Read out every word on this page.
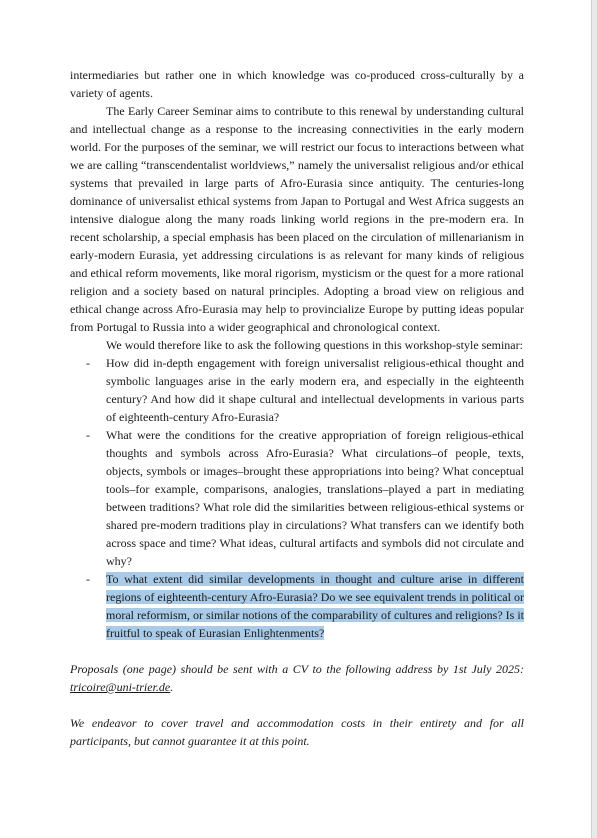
intermediaries but rather one in which knowledge was co-produced cross-culturally by a variety of agents.

The Early Career Seminar aims to contribute to this renewal by understanding cultural and intellectual change as a response to the increasing connectivities in the early modern world. For the purposes of the seminar, we will restrict our focus to interactions between what we are calling “transcendentalist worldviews,” namely the universalist religious and/or ethical systems that prevailed in large parts of Afro-Eurasia since antiquity. The centuries-long dominance of universalist ethical systems from Japan to Portugal and West Africa suggests an intensive dialogue along the many roads linking world regions in the pre-modern era. In recent scholarship, a special emphasis has been placed on the circulation of millenarianism in early-modern Eurasia, yet addressing circulations is as relevant for many kinds of religious and ethical reform movements, like moral rigorism, mysticism or the quest for a more rational religion and a society based on natural principles. Adopting a broad view on religious and ethical change across Afro-Eurasia may help to provincialize Europe by putting ideas popular from Portugal to Russia into a wider geographical and chronological context.

We would therefore like to ask the following questions in this workshop-style seminar:

- How did in-depth engagement with foreign universalist religious-ethical thought and symbolic languages arise in the early modern era, and especially in the eighteenth century? And how did it shape cultural and intellectual developments in various parts of eighteenth-century Afro-Eurasia?
- What were the conditions for the creative appropriation of foreign religious-ethical thoughts and symbols across Afro-Eurasia? What circulations–of people, texts, objects, symbols or images–brought these appropriations into being? What conceptual tools–for example, comparisons, analogies, translations–played a part in mediating between traditions? What role did the similarities between religious-ethical systems or shared pre-modern traditions play in circulations? What transfers can we identify both across space and time? What ideas, cultural artifacts and symbols did not circulate and why?
- To what extent did similar developments in thought and culture arise in different regions of eighteenth-century Afro-Eurasia? Do we see equivalent trends in political or moral reformism, or similar notions of the comparability of cultures and religions? Is it fruitful to speak of Eurasian Enlightenments?

Proposals (one page) should be sent with a CV to the following address by 1st July 2025: tricoire@uni-trier.de.

We endeavor to cover travel and accommodation costs in their entirety and for all participants, but cannot guarantee it at this point.
